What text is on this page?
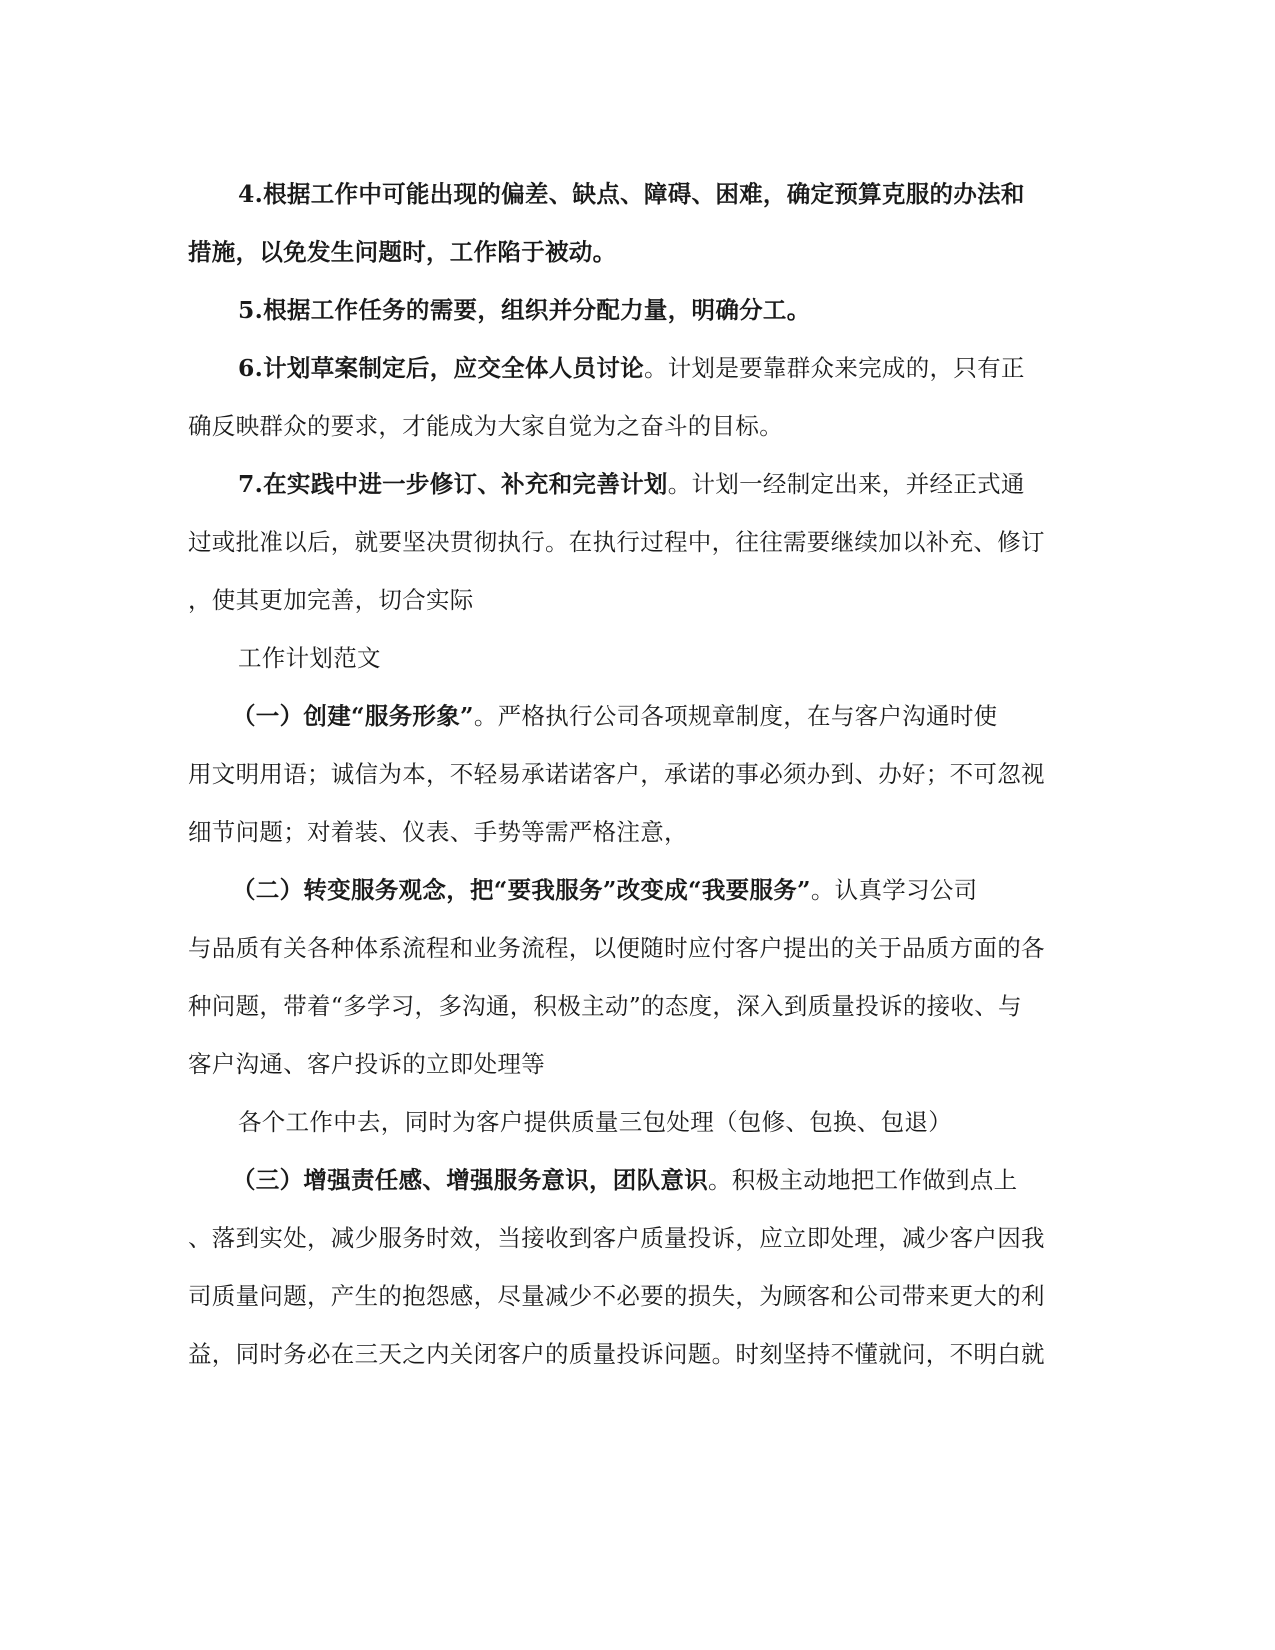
4.根据工作中可能出现的偏差、缺点、障碍、困难，确定预算克服的办法和
措施，以免发生问题时，工作陷于被动。
5.根据工作任务的需要，组织并分配力量，明确分工。
6.计划草案制定后，应交全体人员讨论。计划是要靠群众来完成的，只有正
确反映群众的要求，才能成为大家自觉为之奋斗的目标。
7.在实践中进一步修订、补充和完善计划。计划一经制定出来，并经正式通
过或批准以后，就要坚决贯彻执行。在执行过程中，往往需要继续加以补充、修订
，使其更加完善，切合实际
工作计划范文
（一）创建“服务形象”。严格执行公司各项规章制度，在与客户沟通时使
用文明用语；诚信为本，不轻易承诺诺客户，承诺的事必须办到、办好；不可忽视
细节问题；对着装、仪表、手势等需严格注意，
（二）转变服务观念，把“要我服务”改变成“我要服务”。认真学习公司
与品质有关各种体系流程和业务流程，以便随时应付客户提出的关于品质方面的各
种问题，带着“多学习，多沟通，积极主动”的态度，深入到质量投诉的接收、与
客户沟通、客户投诉的立即处理等
各个工作中去，同时为客户提供质量三包处理（包修、包换、包退）
（三）增强责任感、增强服务意识，团队意识。积极主动地把工作做到点上
、落到实处，减少服务时效，当接收到客户质量投诉，应立即处理，减少客户因我
司质量问题，产生的抱怨感，尽量减少不必要的损失，为顾客和公司带来更大的利
益，同时务必在三天之内关闭客户的质量投诉问题。时刻坚持不懂就问，不明白就
